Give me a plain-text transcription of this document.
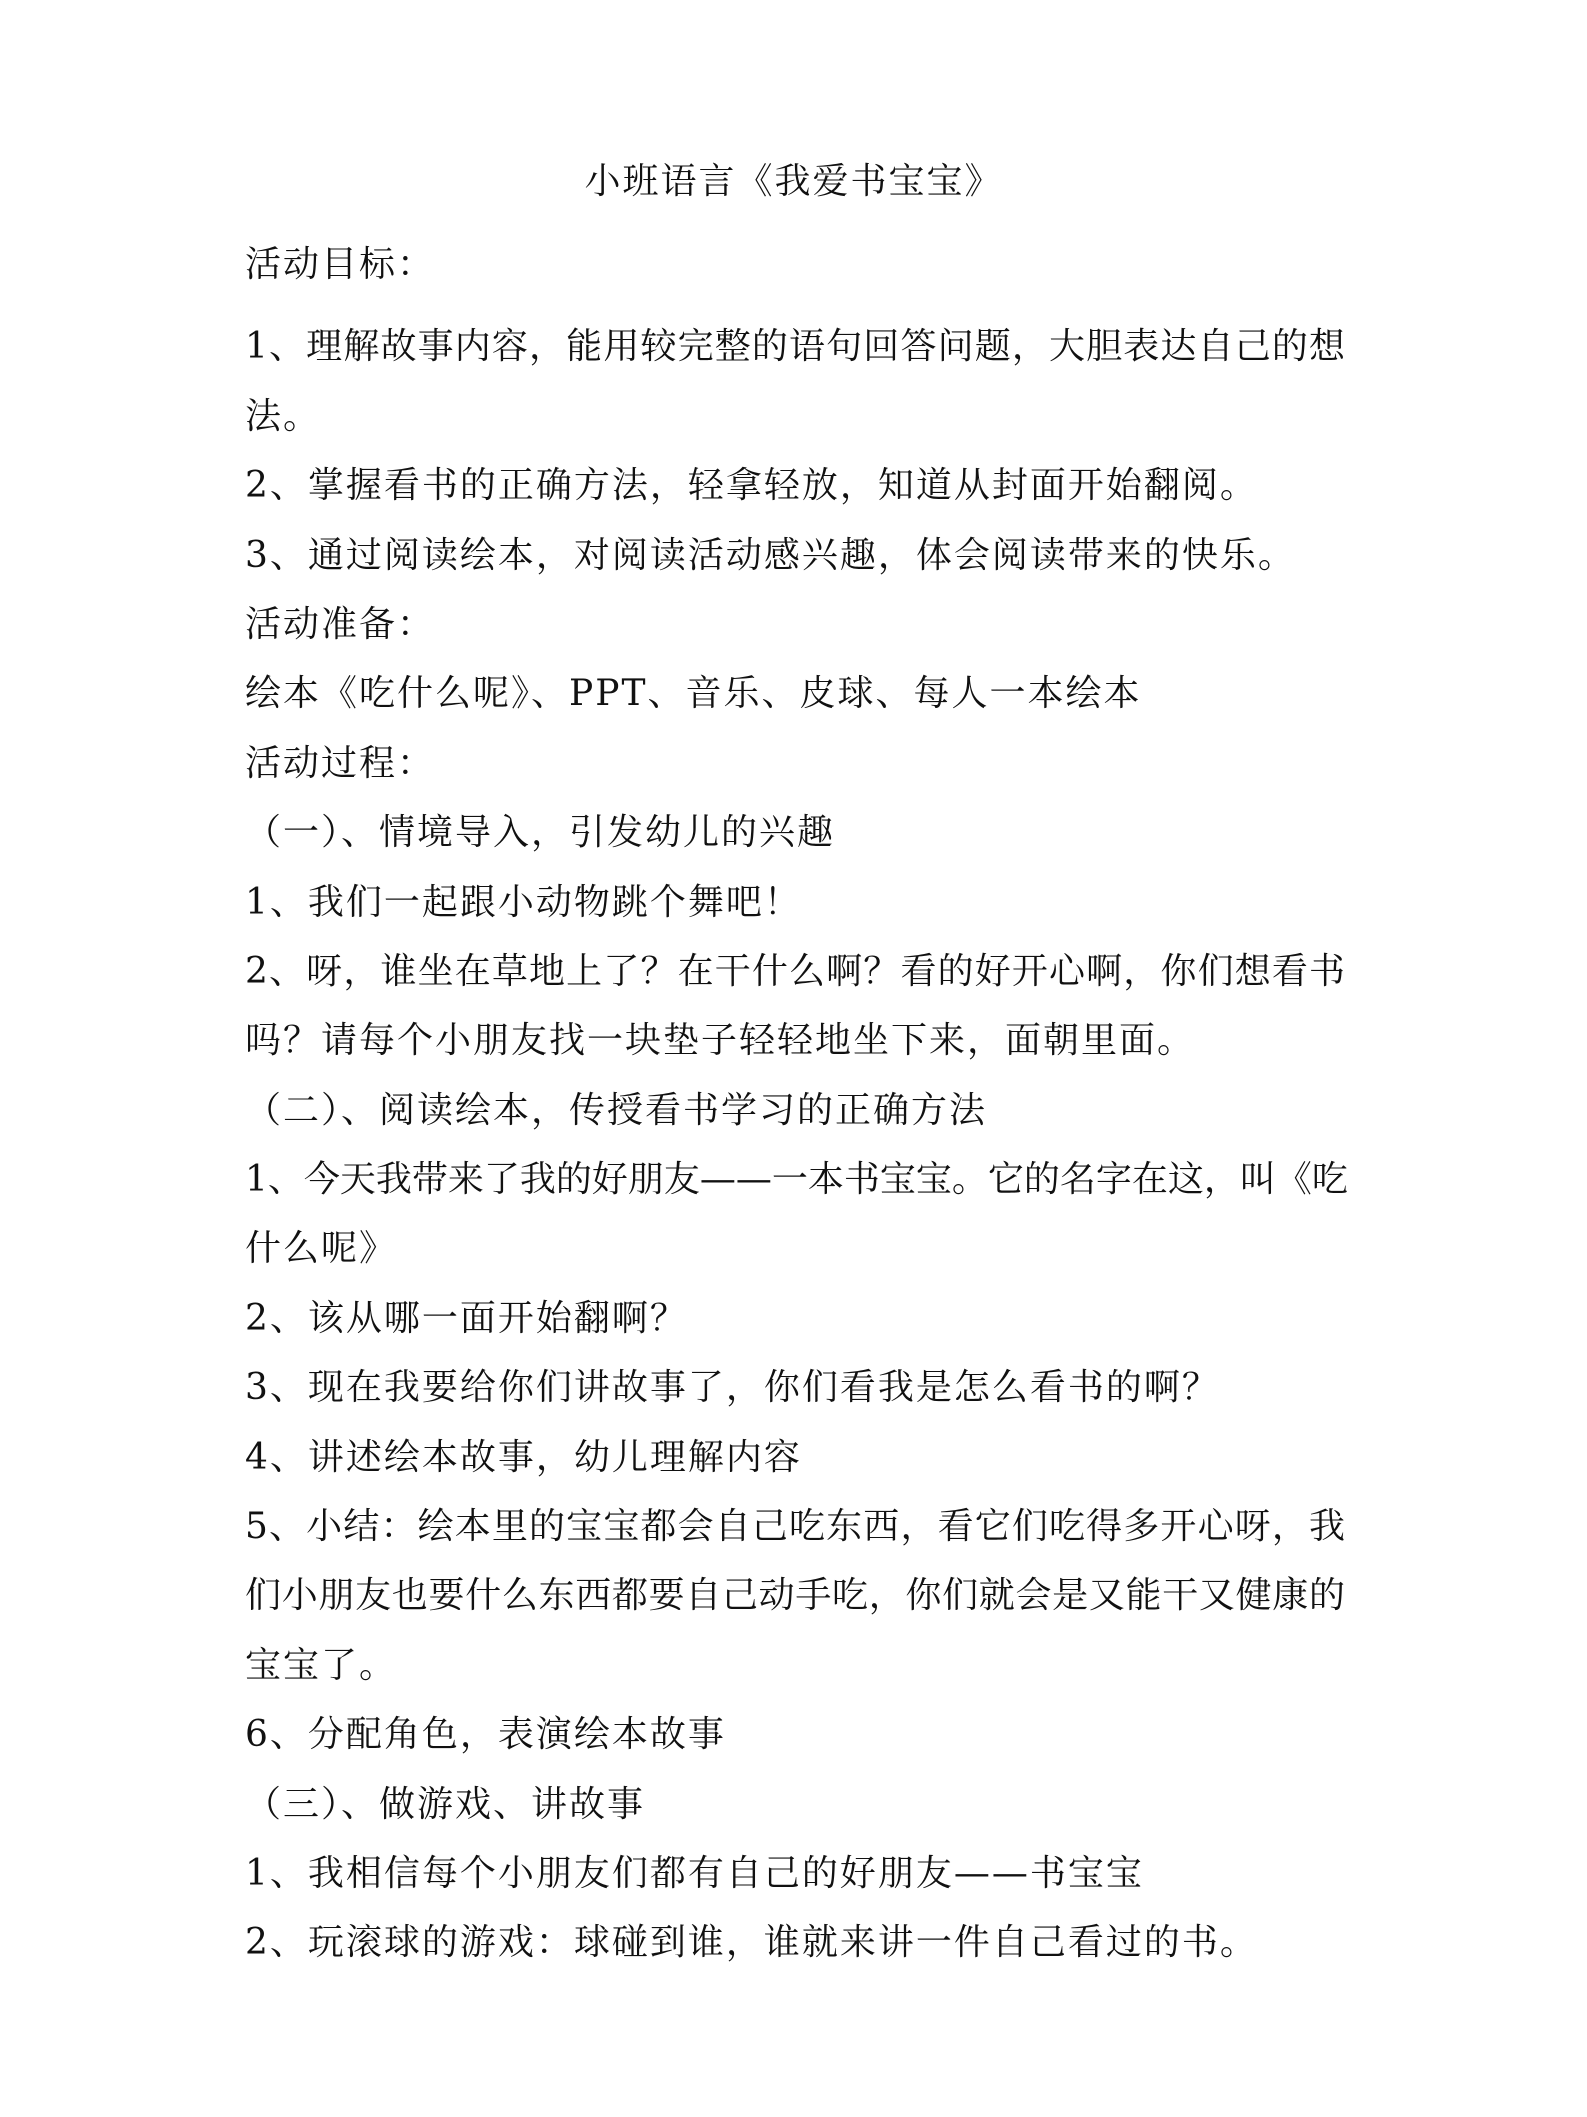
小班语言《我爱书宝宝》
活动目标：
1、理解故事内容，能用较完整的语句回答问题，大胆表达自己的想
法。
2、掌握看书的正确方法，轻拿轻放，知道从封面开始翻阅。
3、通过阅读绘本，对阅读活动感兴趣，体会阅读带来的快乐。
活动准备：
绘本《吃什么呢》、PPT、音乐、皮球、每人一本绘本
活动过程：
（一）、情境导入，引发幼儿的兴趣
1、我们一起跟小动物跳个舞吧！
2、呀，谁坐在草地上了？在干什么啊？看的好开心啊，你们想看书
吗？请每个小朋友找一块垫子轻轻地坐下来，面朝里面。
（二）、阅读绘本，传授看书学习的正确方法
1、今天我带来了我的好朋友——一本书宝宝。它的名字在这，叫《吃
什么呢》
2、该从哪一面开始翻啊？
3、现在我要给你们讲故事了，你们看我是怎么看书的啊？
4、讲述绘本故事，幼儿理解内容
5、小结：绘本里的宝宝都会自己吃东西，看它们吃得多开心呀，我
们小朋友也要什么东西都要自己动手吃，你们就会是又能干又健康的
宝宝了。
6、分配角色，表演绘本故事
（三）、做游戏、讲故事
1、我相信每个小朋友们都有自己的好朋友——书宝宝
2、玩滚球的游戏：球碰到谁，谁就来讲一件自己看过的书。
